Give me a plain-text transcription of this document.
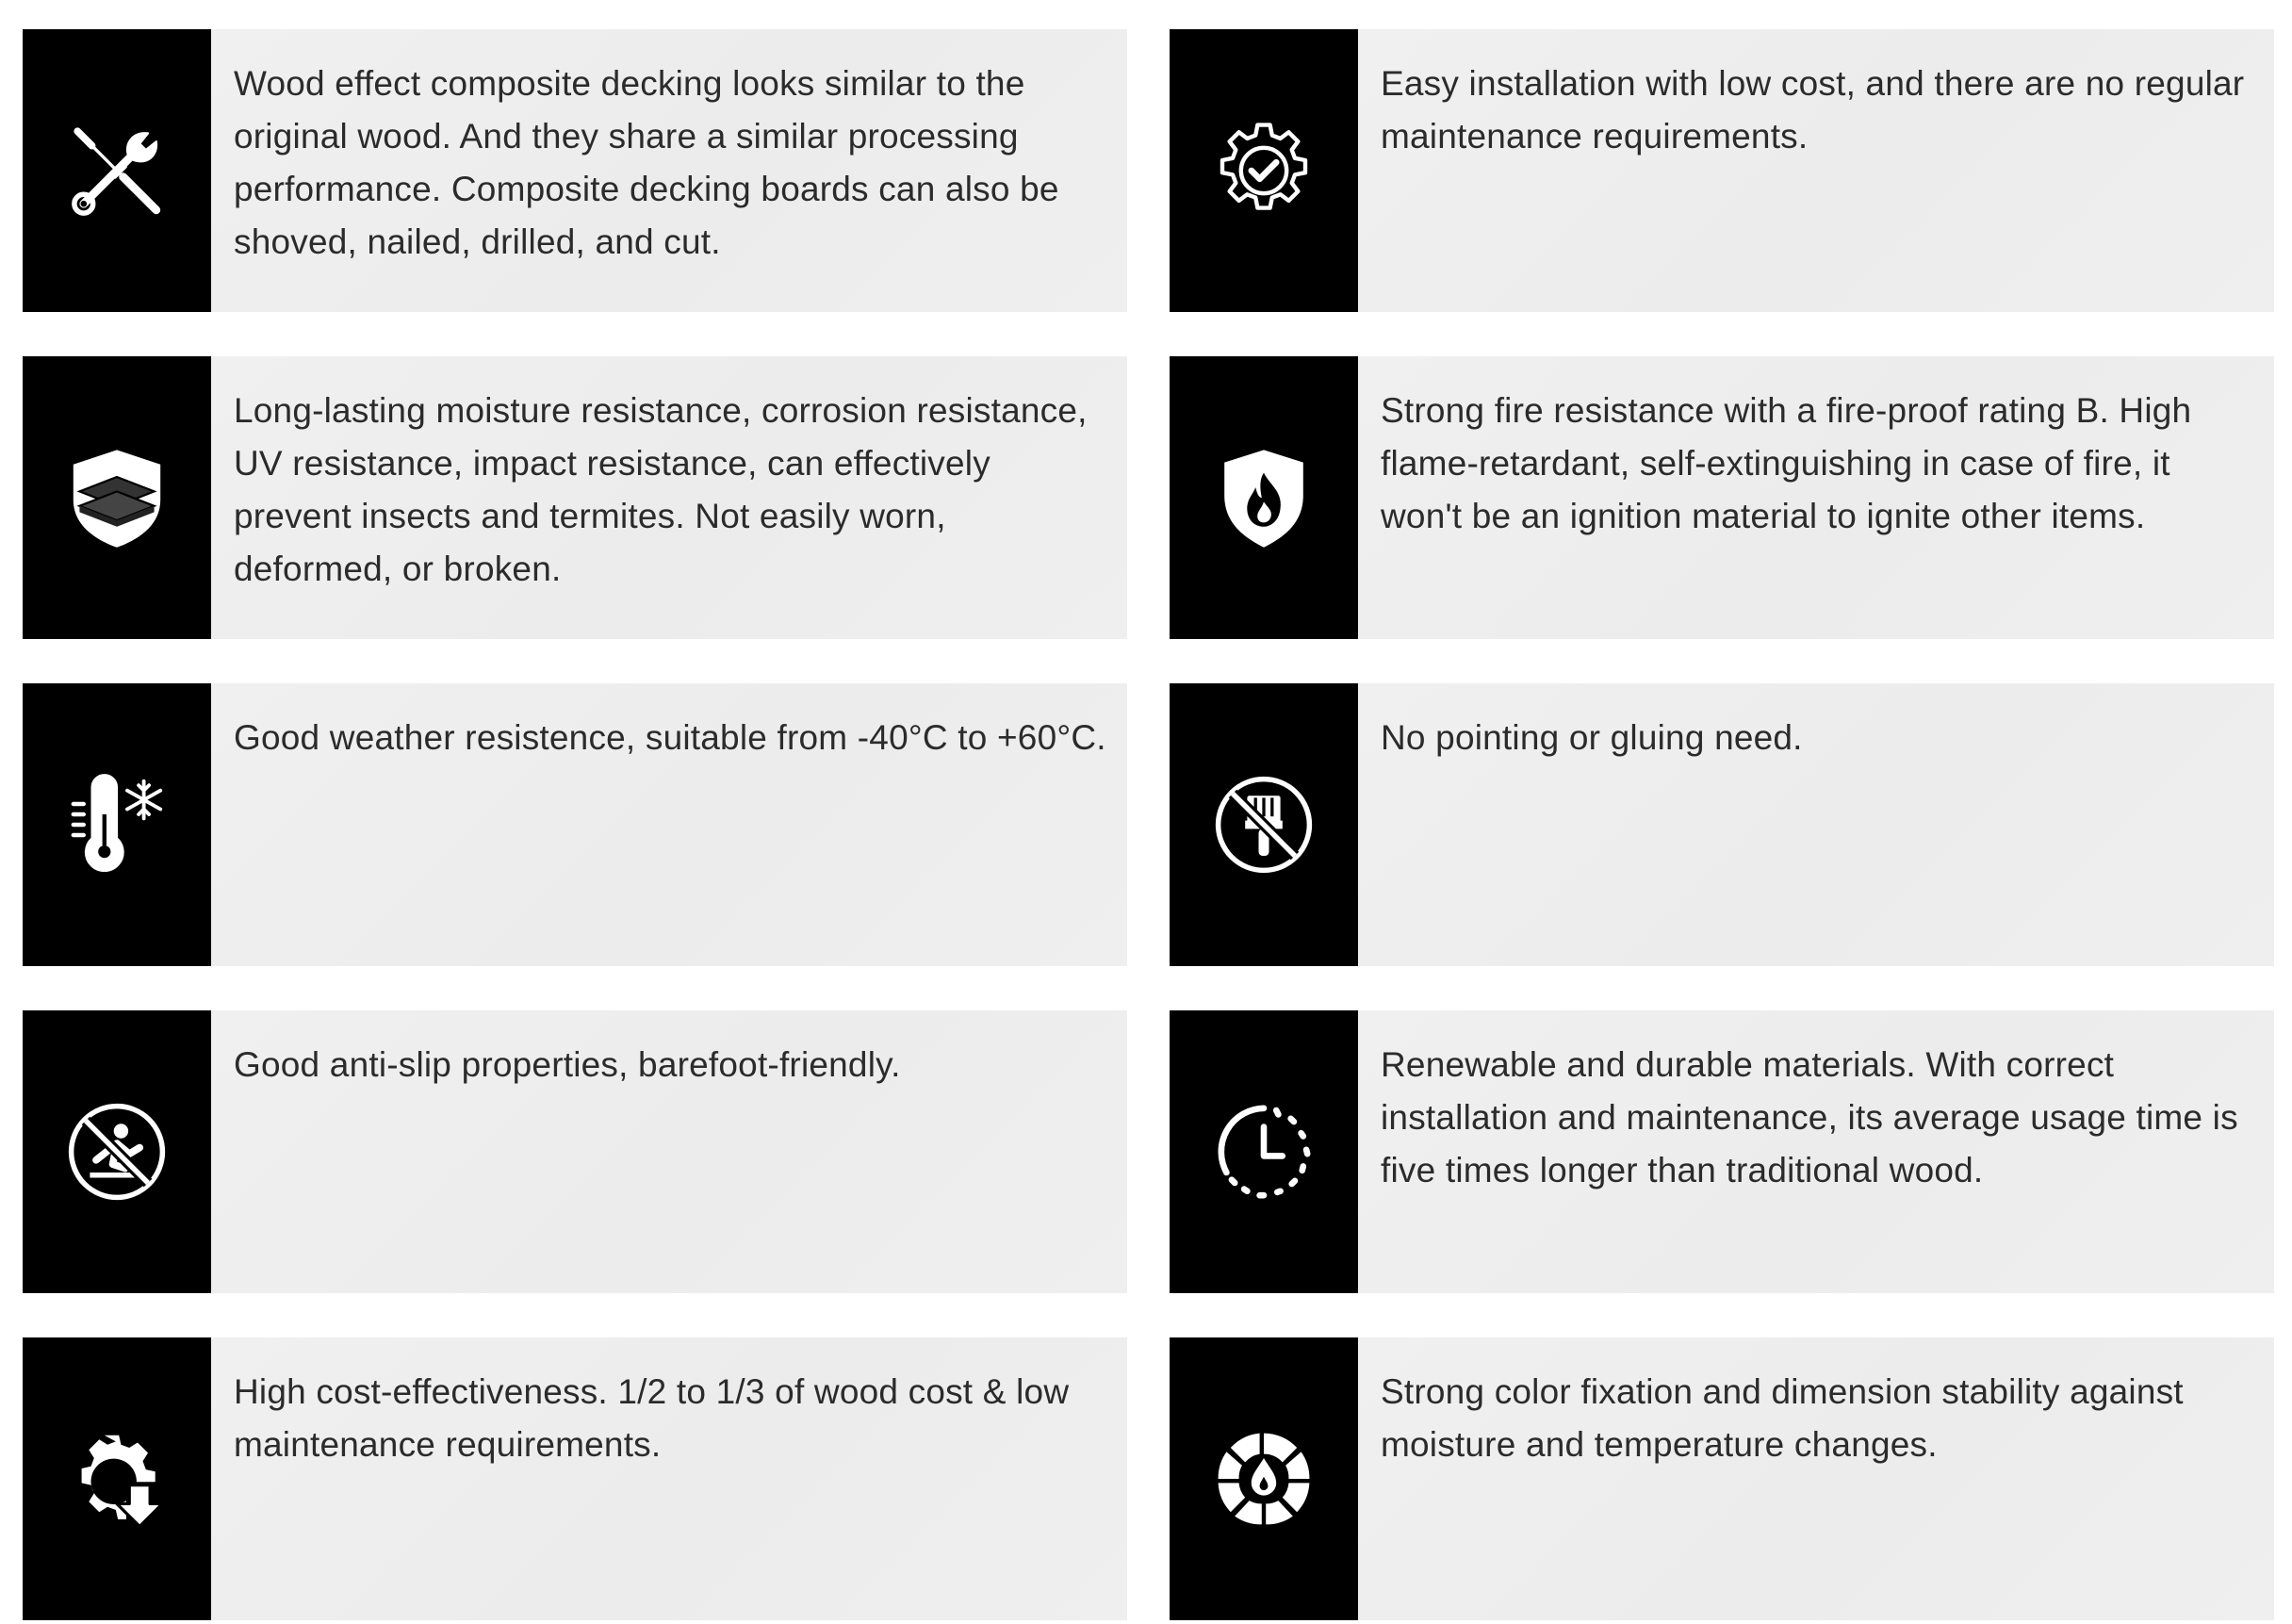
Wood effect composite decking looks similar to the original wood. And they share a similar processing performance. Composite decking boards can also be shoved, nailed, drilled, and cut.
Easy installation with low cost, and there are no regular maintenance requirements.
Long-lasting moisture resistance, corrosion resistance, UV resistance, impact resistance, can effectively prevent insects and termites. Not easily worn, deformed, or broken.
Strong fire resistance with a fire-proof rating B. High flame-retardant, self-extinguishing in case of fire, it won't be an ignition material to ignite other items.
Good weather resistence, suitable from -40°C to +60°C.	No pointing or gluing need.
Good anti-slip properties, barefoot-friendly.	Renewable and durable materials. With correct installation and maintenance, its average usage time is five times longer than traditional wood.
High cost-effectiveness. 1/2 to 1/3 of wood cost & low maintenance requirements.
Strong color fixation and dimension stability against moisture and temperature changes.
